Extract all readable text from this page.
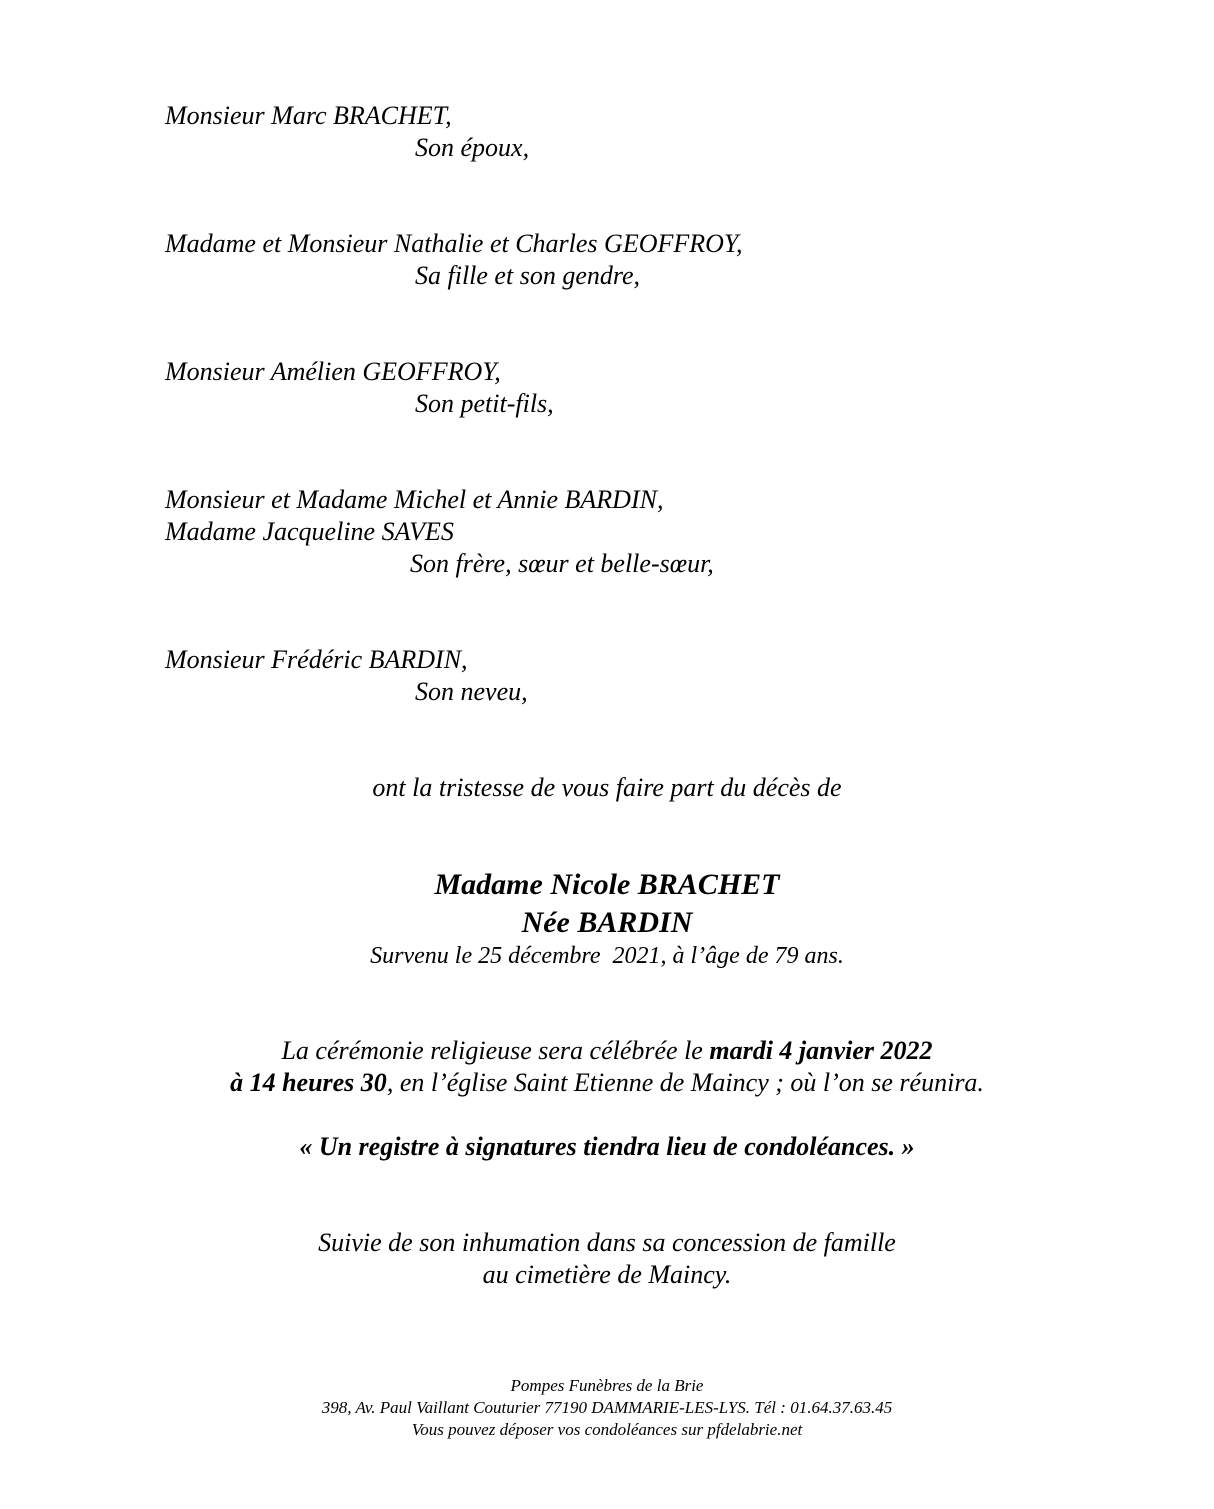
Monsieur Marc BRACHET,
Son époux,
Madame et Monsieur Nathalie et Charles GEOFFROY,
Sa fille et son gendre,
Monsieur Amélien GEOFFROY,
Son petit-fils,
Monsieur et Madame Michel et Annie BARDIN,
Madame Jacqueline SAVES
Son frère, sœur et belle-sœur,
Monsieur Frédéric BARDIN,
Son neveu,
ont la tristesse de vous faire part du décès de
Madame Nicole BRACHET
Née BARDIN
Survenu le 25 décembre  2021, à l’âge de 79 ans.
La cérémonie religieuse sera célébrée le mardi 4 janvier 2022
à 14 heures 30, en l’église Saint Etienne de Maincy ; où l’on se réunira.
« Un registre à signatures tiendra lieu de condoléances. »
Suivie de son inhumation dans sa concession de famille
au cimetière de Maincy.
Pompes Funèbres de la Brie
398, Av. Paul Vaillant Couturier 77190 DAMMARIE-LES-LYS. Tél : 01.64.37.63.45
Vous pouvez déposer vos condoléances sur pfdelabrie.net
